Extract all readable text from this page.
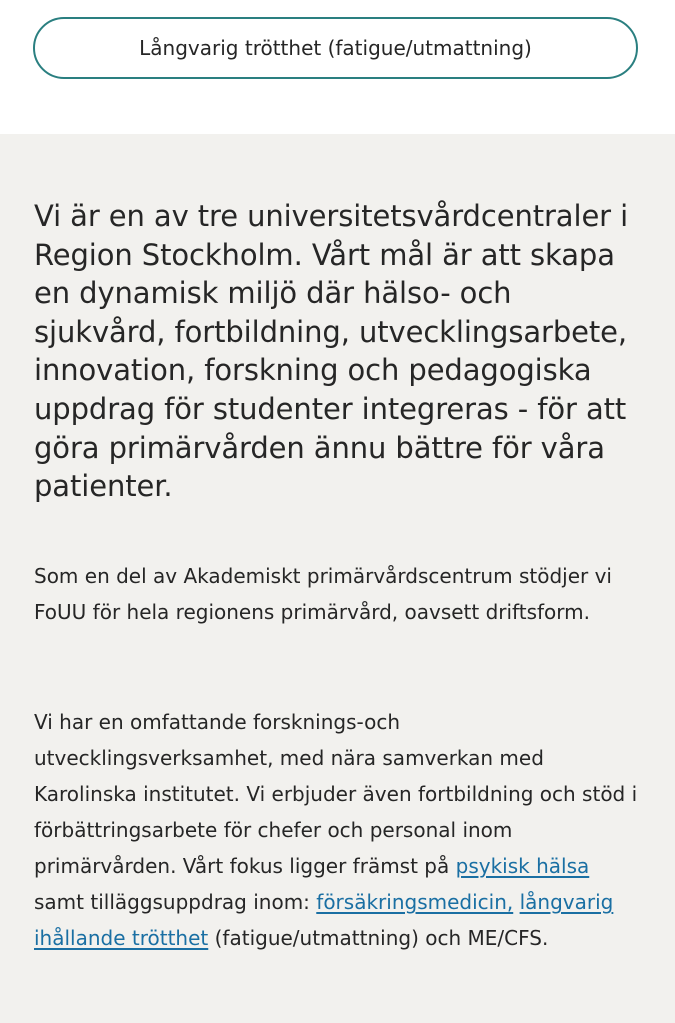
Långvarig trötthet (fatigue/utmattning)

Vi är en av tre universitetsvårdcentraler i Region Stockholm. Vårt mål är att skapa en dynamisk miljö där hälso- och sjukvård, fortbildning, utvecklingsarbete, innovation, forskning och pedagogiska uppdrag för studenter integreras - för att göra primärvården ännu bättre för våra patienter.

Som en del av Akademiskt primärvårdscentrum stödjer vi FoUU för hela regionens primärvård, oavsett driftsform.

Vi har en omfattande forsknings-och utvecklingsverksamhet, med nära samverkan med Karolinska institutet. Vi erbjuder även fortbildning och stöd i förbättringsarbete för chefer och personal inom primärvården. Vårt fokus ligger främst på psykisk hälsa samt tilläggsuppdrag inom: försäkringsmedicin, långvarig ihållande trötthet (fatigue/utmattning) och ME/CFS.
